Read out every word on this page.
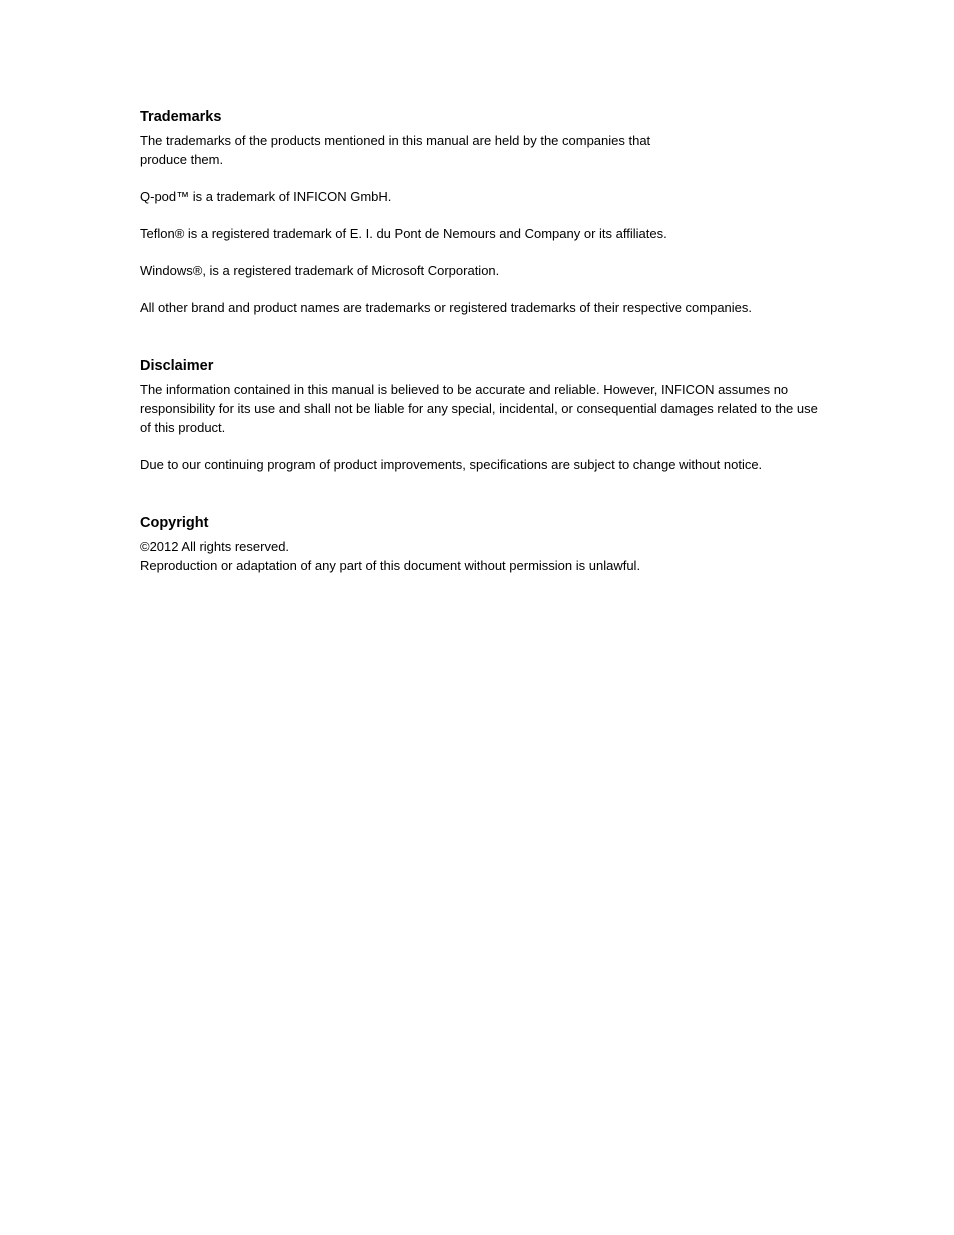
Trademarks

The trademarks of the products mentioned in this manual are held by the companies that produce them.

Q-pod™ is a trademark of INFICON GmbH.

Teflon® is a registered trademark of E. I. du Pont de Nemours and Company or its affiliates.

Windows®, is a registered trademark of Microsoft Corporation.

All other brand and product names are trademarks or registered trademarks of their respective companies.

Disclaimer

The information contained in this manual is believed to be accurate and reliable. However, INFICON assumes no responsibility for its use and shall not be liable for any special, incidental, or consequential damages related to the use of this product.

Due to our continuing program of product improvements, specifications are subject to change without notice.

Copyright

©2012 All rights reserved.

Reproduction or adaptation of any part of this document without permission is unlawful.
